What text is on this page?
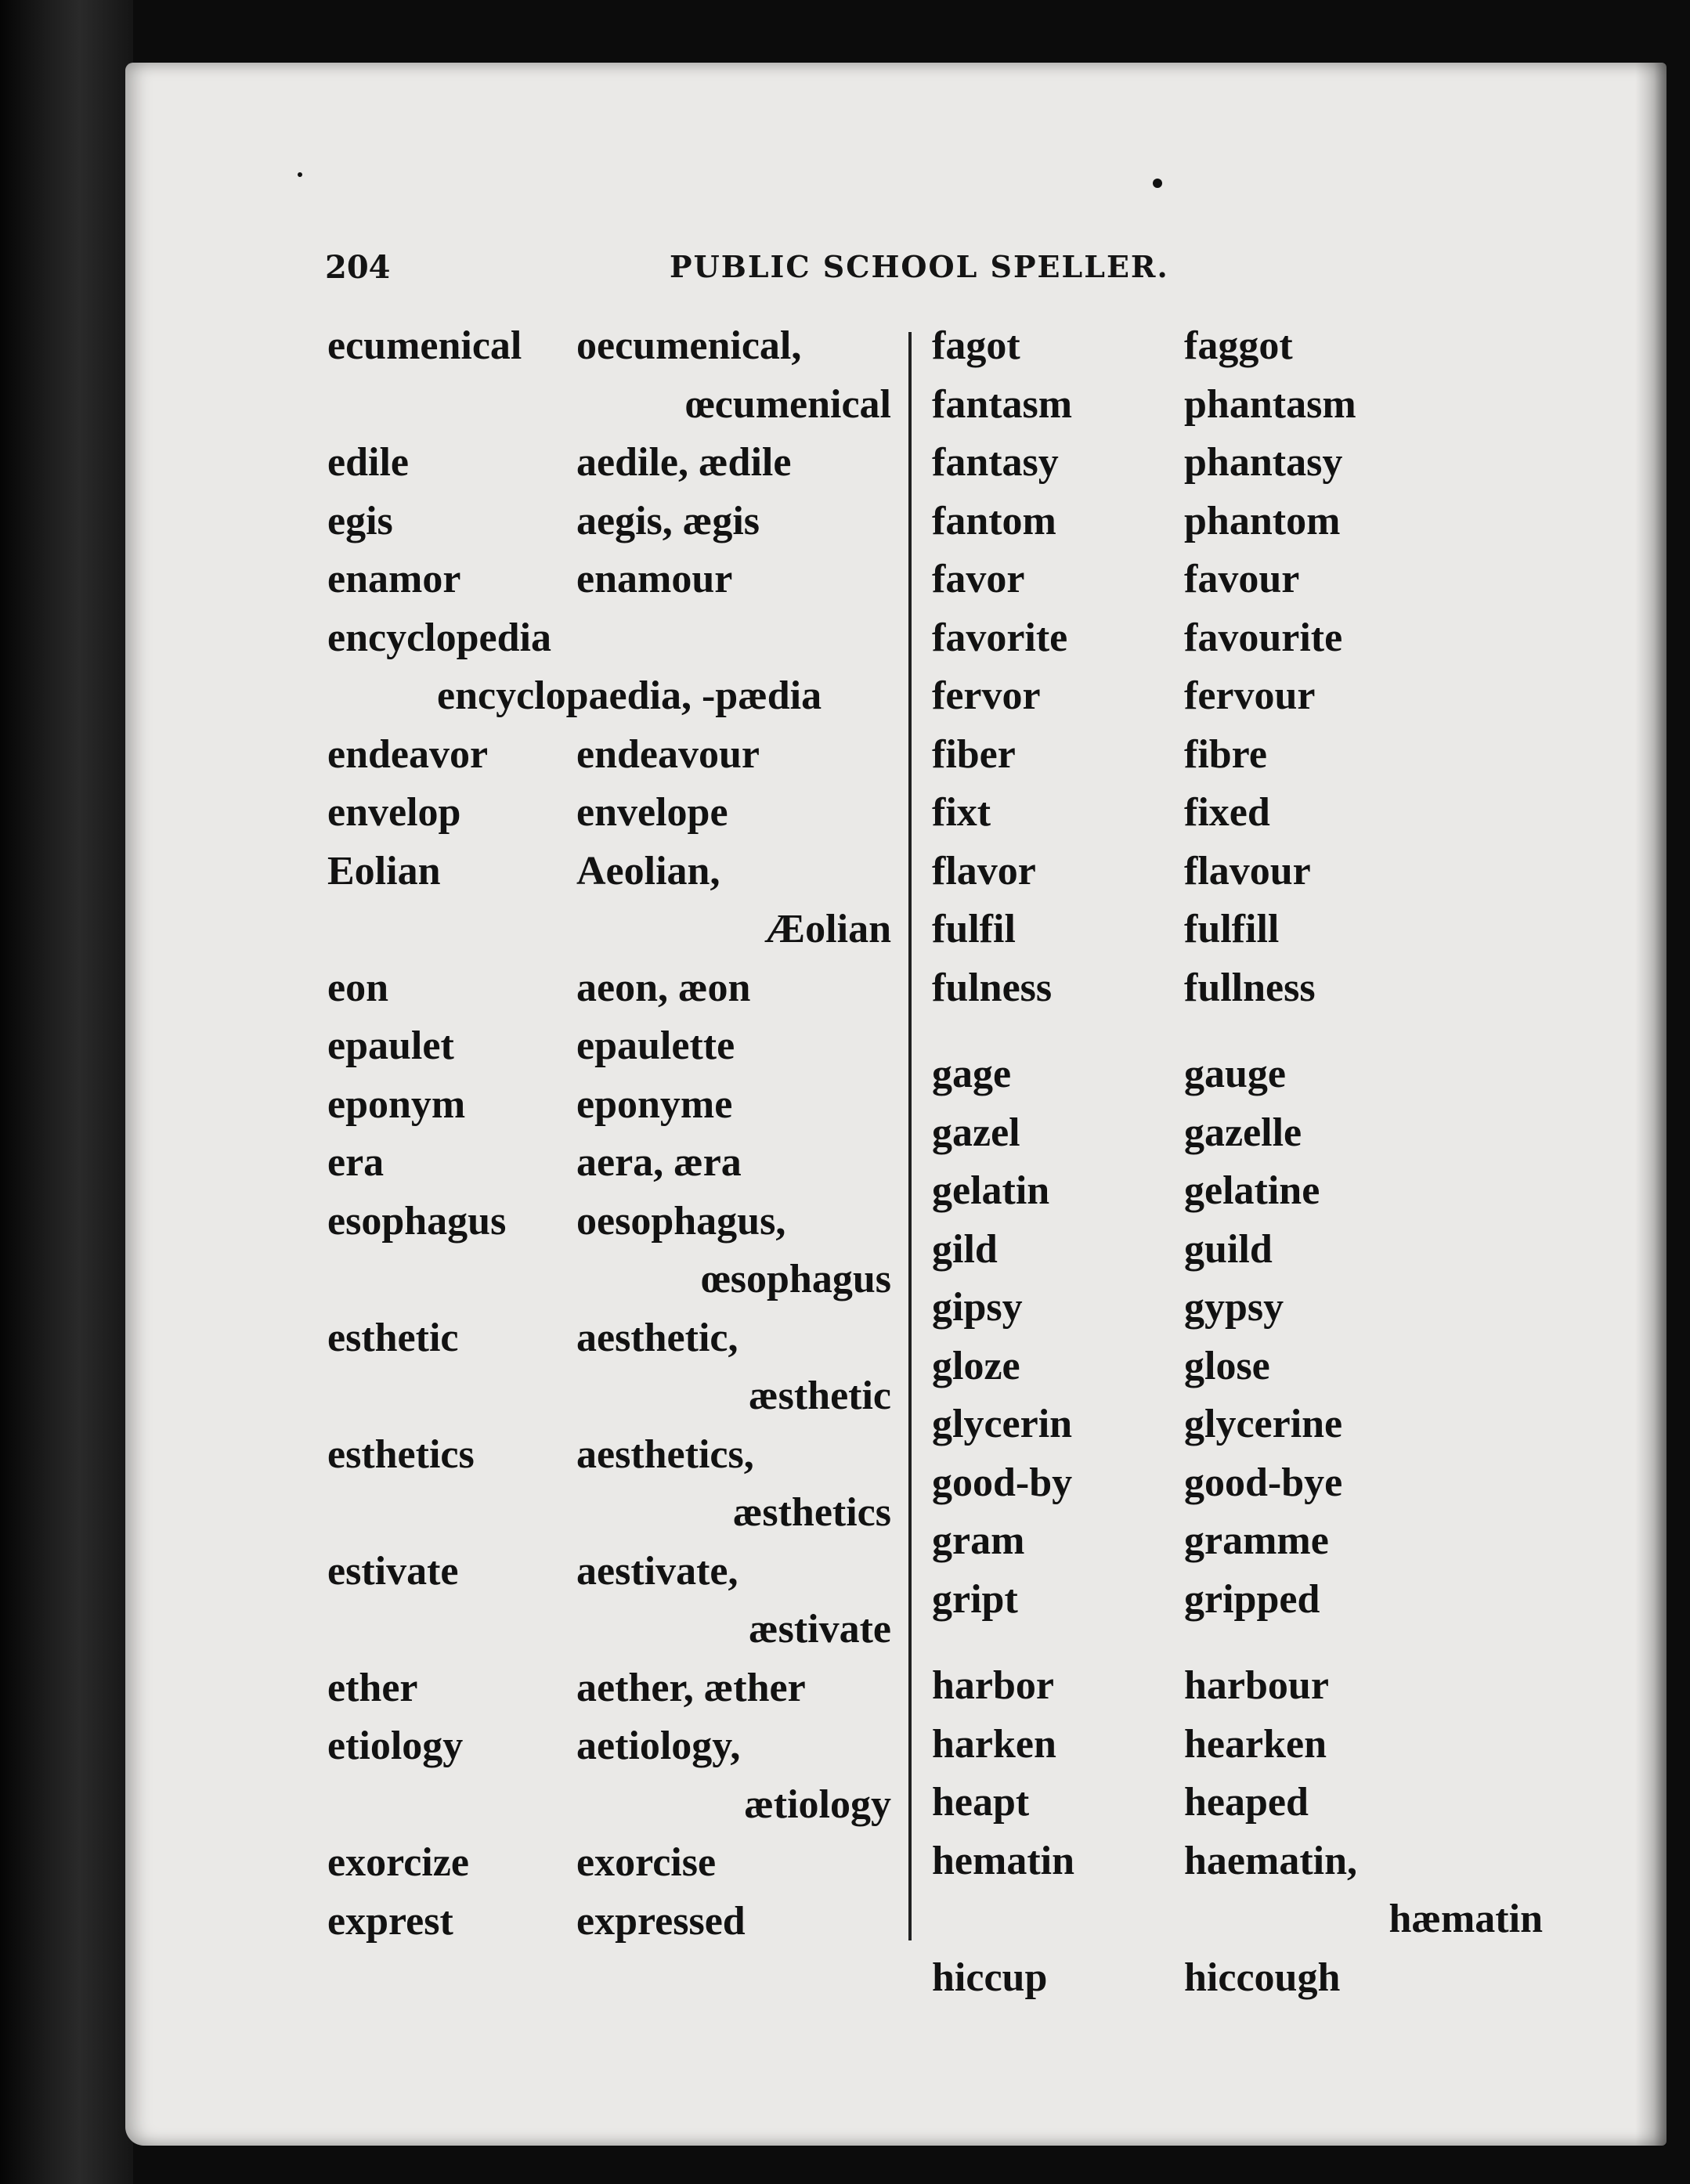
204	PUBLIC SCHOOL SPELLER.
ecumenical oecumenical,
œcumenical
edile	aedile, ædile
egis	aegis, ægis
enamor	enamour
encyclopedia
encyclopaedia, -pædia
endeavor endeavour
envelop	envelope
Eolian	Aeolian,
Æolian
eon	aeon, æon
epaulet	epaulette
eponym	eponyme
era	aera, æra
esophagus oesophagus,
œsophagus
esthetic	aesthetic,
æsthetic
esthetics	aesthetics,
æsthetics
estivate	aestivate,
æstivate
ether	aether, æther
etiology	aetiology,
ætiology
exorcize	exorcise
exprest	expressed
fagot	faggot
fantasm	phantasm
fantasy	phantasy
fantom	phantom
favor	favour
favorite	favourite
fervor	fervour
fiber	fibre
fixt	fixed
flavor	flavour
fulfil	fulfill
fulness	fullness
gage	gauge
gazel	gazelle
gelatin	gelatine
gild	guild
gipsy	gypsy
gloze	glose
glycerin	glycerine
good-by	good-bye
gram	gramme
gript	gripped
harbor	harbour
harken	hearken
heapt	heaped
hematin	haematin,
hæmatin
hiccup	hiccough
